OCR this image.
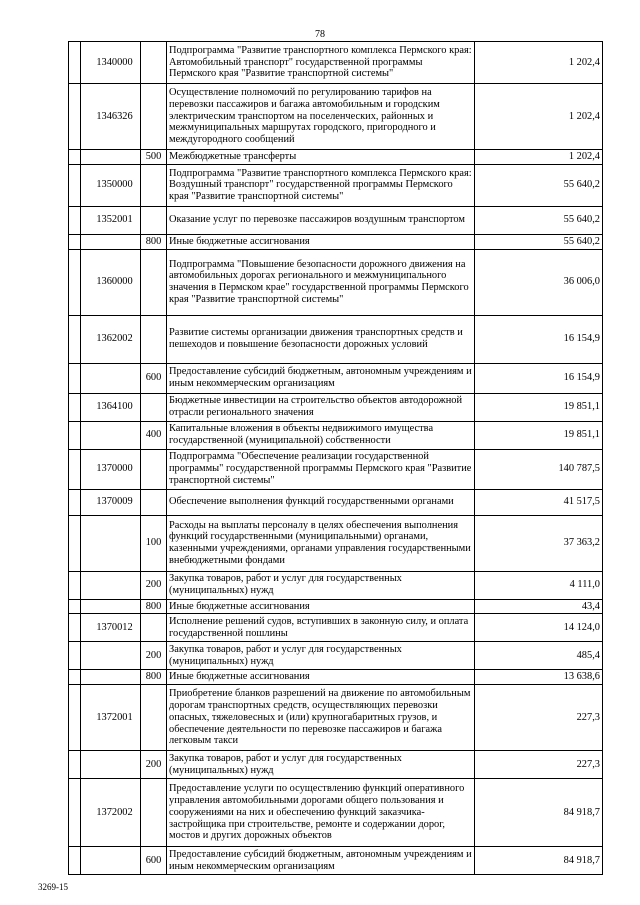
78
	1340000		Подпрограмма "Развитие транспортного комплекса Пермского края: Автомобильный транспорт" государственной программы Пермского края "Развитие транспортной системы"	1 202,4
	1346326		Осуществление полномочий по регулированию тарифов на перевозки пассажиров и багажа автомобильным и городским электрическим транспортом на поселенческих, районных и межмуниципальных маршрутах городского, пригородного и междугородного сообщений	1 202,4
		500	Межбюджетные трансферты	1 202,4
	1350000		Подпрограмма "Развитие транспортного комплекса Пермского края: Воздушный транспорт" государственной программы Пермского края "Развитие транспортной системы"	55 640,2
	1352001		Оказание услуг по перевозке пассажиров воздушным транспортом	55 640,2
		800	Иные бюджетные ассигнования	55 640,2
	1360000		Подпрограмма "Повышение безопасности дорожного движения на автомобильных дорогах регионального и межмуниципального значения в Пермском крае" государственной программы Пермского края "Развитие транспортной системы"	36 006,0
	1362002		Развитие системы организации движения транспортных средств и пешеходов и повышение безопасности дорожных условий	16 154,9
		600	Предоставление субсидий бюджетным, автономным учреждениям и иным некоммерческим организациям	16 154,9
	1364100		Бюджетные инвестиции на строительство объектов автодорожной отрасли регионального значения	19 851,1
		400	Капитальные вложения в объекты недвижимого имущества государственной (муниципальной) собственности	19 851,1
	1370000		Подпрограмма "Обеспечение реализации государственной программы" государственной программы Пермского края "Развитие транспортной системы"	140 787,5
	1370009		Обеспечение выполнения функций государственными органами	41 517,5
		100	Расходы на выплаты персоналу в целях обеспечения выполнения функций государственными (муниципальными) органами, казенными учреждениями, органами управления государственными внебюджетными фондами	37 363,2
		200	Закупка товаров, работ и услуг для государственных (муниципальных) нужд	4 111,0
		800	Иные бюджетные ассигнования	43,4
	1370012		Исполнение решений судов, вступивших в законную силу, и оплата государственной пошлины	14 124,0
		200	Закупка товаров, работ и услуг для государственных (муниципальных) нужд	485,4
		800	Иные бюджетные ассигнования	13 638,6
	1372001		Приобретение бланков разрешений на движение по автомобильным дорогам транспортных средств, осуществляющих перевозки опасных, тяжеловесных и (или) крупногабаритных грузов, и обеспечение деятельности по перевозке пассажиров и багажа легковым такси	227,3
		200	Закупка товаров, работ и услуг для государственных (муниципальных) нужд	227,3
	1372002		Предоставление услуги по осуществлению функций оперативного управления автомобильными дорогами общего пользования и сооружениями на них и обеспечению функций заказчика-застройщика при строительстве, ремонте и содержании дорог, мостов и других дорожных объектов	84 918,7
		600	Предоставление субсидий бюджетным, автономным учреждениям и иным некоммерческим организациям	84 918,7
3269-15
